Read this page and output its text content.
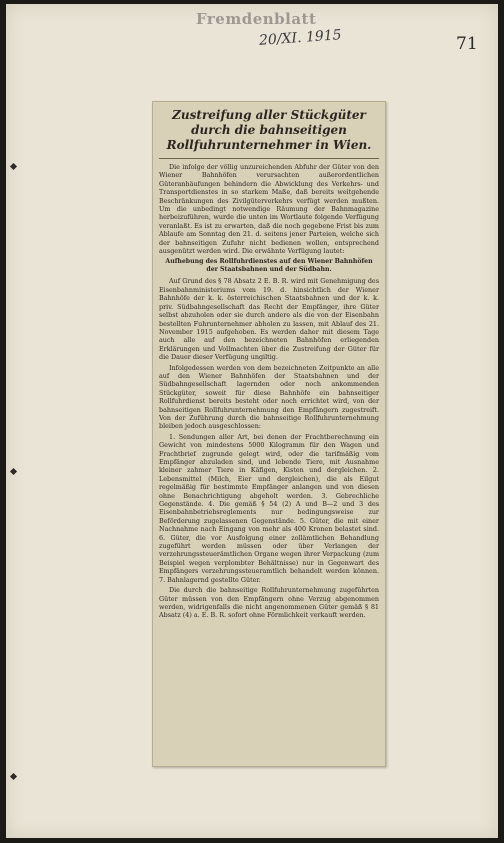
Fremdenblatt
20/XI. 1915	71
Zustreifung aller Stückgüter durch die bahnseitigen Rollfuhrunternehmer in Wien.

Die infolge der völlig unzureichenden Abfuhr der Güter von den Wiener Bahnhöfen verursachten außerordentlichen Güteranhäufungen behindern die Abwicklung des Verkehrs- und Transportdienstes in so starkem Maße, daß bereits weitgehende Beschränkungen des Zivilgüterverkehrs verfügt werden mußten. Um die unbedingt notwendige Räumung der Bahnmagazine herbeizuführen, wurde die unten im Wortlaute folgende Verfügung veranlaßt. Es ist zu erwarten, daß die noch gegebene Frist bis zum Ablaufe am Sonntag den 21. d. seitens jener Parteien, welche sich der bahnseitigen Zufuhr nicht bedienen wollen, entsprechend ausgenützt werden wird. Die erwähnte Verfügung lautet:

Aufhebung des Rollfuhrdienstes auf den Wiener Bahnhöfen der Staatsbahnen und der Südbahn.

Auf Grund des § 78 Absatz 2 E. B. R. wird mit Genehmigung des Eisenbahnministeriums vom 19. d. hinsichtlich der Wiener Bahnhöfe der k. k. österreichischen Staatsbahnen und der k. k. priv. Südbahngesellschaft das Recht der Empfänger, ihre Güter selbst abzuholen oder sie durch andere als die von der Eisenbahn bestellten Fuhrunternehmer abholen zu lassen, mit Ablauf des 21. November 1915 aufgehoben. Es werden daher mit diesem Tage auch alle auf den bezeichneten Bahnhöfen erliegenden Erklärungen und Vollmachten über die Zustreifung der Güter für die Dauer dieser Verfügung ungiltig.

Infolgedessen werden von dem bezeichneten Zeitpunkte an alle auf den Wiener Bahnhöfen der Staatsbahnen und der Südbahngesellschaft lagernden oder noch ankommenden Stückgüter, soweit für diese Bahnhöfe ein bahnseitiger Rollfuhrdienst bereits besteht oder noch errichtet wird, von der bahnseitigen Rollfuhrunternehmung den Empfängern zugestreift. Von der Zuführung durch die bahnseitige Rollfuhrunternehmung bleiben jedoch ausgeschlossen:

1. Sendungen aller Art, bei denen der Frachtberechnung ein Gewicht von mindestens 5000 Kilogramm für den Wagen und Frachtbrief zugrunde gelegt wird, oder die tarifmäßig vom Empfänger abzuladen sind, und lebende Tiere, mit Ausnahme kleiner zahmer Tiere in Käfigen, Kisten und dergleichen. 2. Lebensmittel (Milch, Eier und dergleichen), die als Eilgut regelmäßig für bestimmte Empfänger anlangen und von diesen ohne Benachrichtigung abgeholt werden. 3. Gebrechliche Gegenstände. 4. Die gemäß § 54 (2) A und B—2 und 3 des Eisenbahnbetriebsreglements nur bedingungsweise zur Beförderung zugelassenen Gegenstände. 5. Güter, die mit einer Nachnahme nach Eingang von mehr als 400 Kronen belastet sind. 6. Güter, die vor Ausfolgung einer zollämtlichen Behandlung zugeführt werden müssen oder über Verlangen der verzehrungssteuerämtlichen Organe wegen ihrer Verpackung (zum Beispiel wegen verplombter Behältnisse) nur in Gegenwart des Empfängers verzehrungssteueramtlich behandelt werden können. 7. Bahnlagernd gestellte Güter.

Die durch die bahnseitige Rollfuhrunternehmung zugeführten Güter müssen von den Empfängern ohne Verzug abgenommen werden, widrigenfalls die nicht angenommenen Güter gemäß § 81 Absatz (4) a. E. B. R. sofort ohne Förmlichkeit verkauft werden.
